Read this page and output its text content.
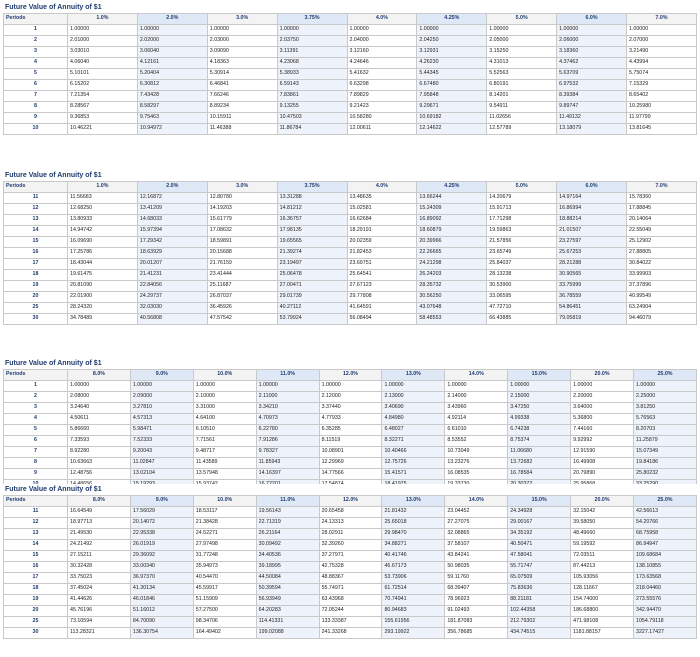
Future Value of Annuity of $1
Periods	1.0%	2.0%	3.0%	3.75%	4.0%	4.25%	5.0%	6.0%	7.0%
1	1.00000	1.00000	1.00000	1.00000	1.00000	1.00000	1.00000	1.00000	1.00000
2	2.01000	2.02000	2.03000	2.03750	2.04000	2.04250	2.05000	2.06000	2.07000
3	3.03010	3.06040	3.09090	3.11391	3.12160	3.12931	3.15250	3.18360	3.21490
4	4.06040	4.12161	4.18363	4.23068	4.24646	4.26230	4.31013	4.37462	4.43994
5	5.10101	5.20404	5.30914	5.38933	5.41632	5.44345	5.52563	5.63709	5.75074
6	6.15202	6.30812	6.46841	6.59143	6.63298	6.67480	6.80191	6.97532	7.15329
7	7.21354	7.43428	7.66246	7.83861	7.89829	7.95848	8.14201	8.39384	8.65402
8	8.28567	8.58297	8.89234	9.13255	9.21423	9.29671	9.54911	9.89747	10.25980
9	9.36853	9.75463	10.15911	10.47503	10.58280	10.69182	11.02656	11.49132	11.97799
10	10.46221	10.94972	11.46388	11.86784	12.00611	12.14622	12.57789	13.18079	13.81645
Future Value of Annuity of $1
Periods	1.0%	2.0%	3.0%	3.75%	4.0%	4.25%	5.0%	6.0%	7.0%
11	11.56683	12.16872	12.80780	13.31288	13.48635	13.66244	14.20679	14.97164	15.78360
12	12.68250	13.41209	14.19203	14.81212	15.02581	15.24309	15.91713	16.86994	17.88845
13	13.80933	14.68033	15.61779	16.36757	16.62684	16.89092	17.71298	18.88214	20.14064
14	14.94742	15.97394	17.08632	17.98135	18.29191	18.60879	19.59863	21.01507	22.55049
15	16.09690	17.29342	18.59891	19.65565	20.02359	20.39966	21.57856	23.27597	25.12902
16	17.25786	18.63929	20.15688	21.39274	21.82453	22.26665	23.65749	25.67253	27.88805
17	18.43044	20.01207	21.76159	23.19497	23.69751	24.21298	25.84037	28.21288	30.84022
18	19.61475	21.41231	23.41444	25.06478	25.64541	26.24203	28.13238	30.90565	33.99903
19	20.81090	22.84056	25.11687	27.00471	27.67123	28.35732	30.53900	33.75999	37.37896
20	22.01900	24.29737	26.87037	29.01739	29.77808	30.56250	33.06595	36.78559	40.99549
25	28.24320	32.03030	36.45926	40.27112	41.64591	43.07648	47.72710	54.86451	63.24904
30	34.78489	40.56808	47.57542	53.79924	56.08494	58.48553	66.43885	79.05819	94.46079
Future Value of Annuity of $1
Periods	8.0%	9.0%	10.0%	11.0%	12.0%	13.0%	14.0%	15.0%	20.0%	25.0%
1	1.00000	1.00000	1.00000	1.00000	1.00000	1.00000	1.00000	1.00000	1.00000	1.00000
2	2.08000	2.09000	2.10000	2.11000	2.12000	2.13000	2.14000	2.15000	2.20000	2.25000
3	3.24640	3.27810	3.31000	3.34210	3.37440	3.40690	3.43960	3.47250	3.64000	3.81250
4	4.50611	4.57313	4.64100	4.70973	4.77933	4.84980	4.92114	4.99338	5.36800	5.76563
5	5.86660	5.98471	6.10510	6.22780	6.35285	6.48027	6.61010	6.74238	7.44160	8.20703
6	7.33593	7.52333	7.71561	7.91286	8.11519	8.32271	8.53552	8.75374	9.92992	11.25879
7	8.92280	9.20043	9.48717	9.78327	10.08901	10.40466	10.73049	11.06680	12.91590	15.07349
8	10.63663	11.02847	11.43589	11.85943	12.29969	12.75726	13.23276	13.72682	16.49908	19.84186
9	12.48756	13.02104	13.57948	14.16397	14.77566	15.41571	16.08535	16.78584	20.79890	25.80232

Future Value of Annuity of $1
Periods	8.0%	9.0%	10.0%	11.0%	12.0%	13.0%	14.0%	15.0%	20.0%	25.0%
11	16.64549	17.56029	18.53117	19.56143	20.65458	21.81432	23.04452	24.34928	32.15042	42.56613
12	18.97713	20.14072	21.38428	22.71319	24.13313	25.65018	27.27075	29.00167	39.58050	54.20766
13	21.49530	22.95338	24.52271	26.21164	28.02911	29.98470	32.08865	34.35192	48.49660	68.75958
14	24.21492	26.01919	27.97498	30.09492	32.39260	34.88271	37.58107	40.50471	59.19592	86.94947
15	27.15211	29.36092	31.77248	34.40536	37.27971	40.41746	43.84241	47.58041	72.03511	109.68684
16	30.32428	33.00340	35.94973	39.18995	42.75328	46.67173	50.98035	55.71747	87.44213	138.10855
17	33.75023	36.97370	40.54470	44.50084	48.88367	53.73906	59.11760	65.07509	105.93056	173.63568
18	37.45024	41.30134	45.59917	50.39594	55.74971	61.72514	68.39407	75.83636	128.11667	218.04460
19	41.44626	46.01846	51.15909	56.93949	63.43968	70.74941	78.96923	88.21181	154.74000	273.55576
20	45.76196	51.16012	57.27500	64.20283	72.05244	80.94683	91.02493	102.44358	186.68800	342.94470
25	73.10594	84.70090	98.34706	114.41331	133.33387	155.61956	181.87083	212.79302	471.98108	1054.79118
30	113.28321	136.30754	164.49402	199.02088	241.33268	293.19922	356.78685	434.74515	1181.88157	3227.17427
